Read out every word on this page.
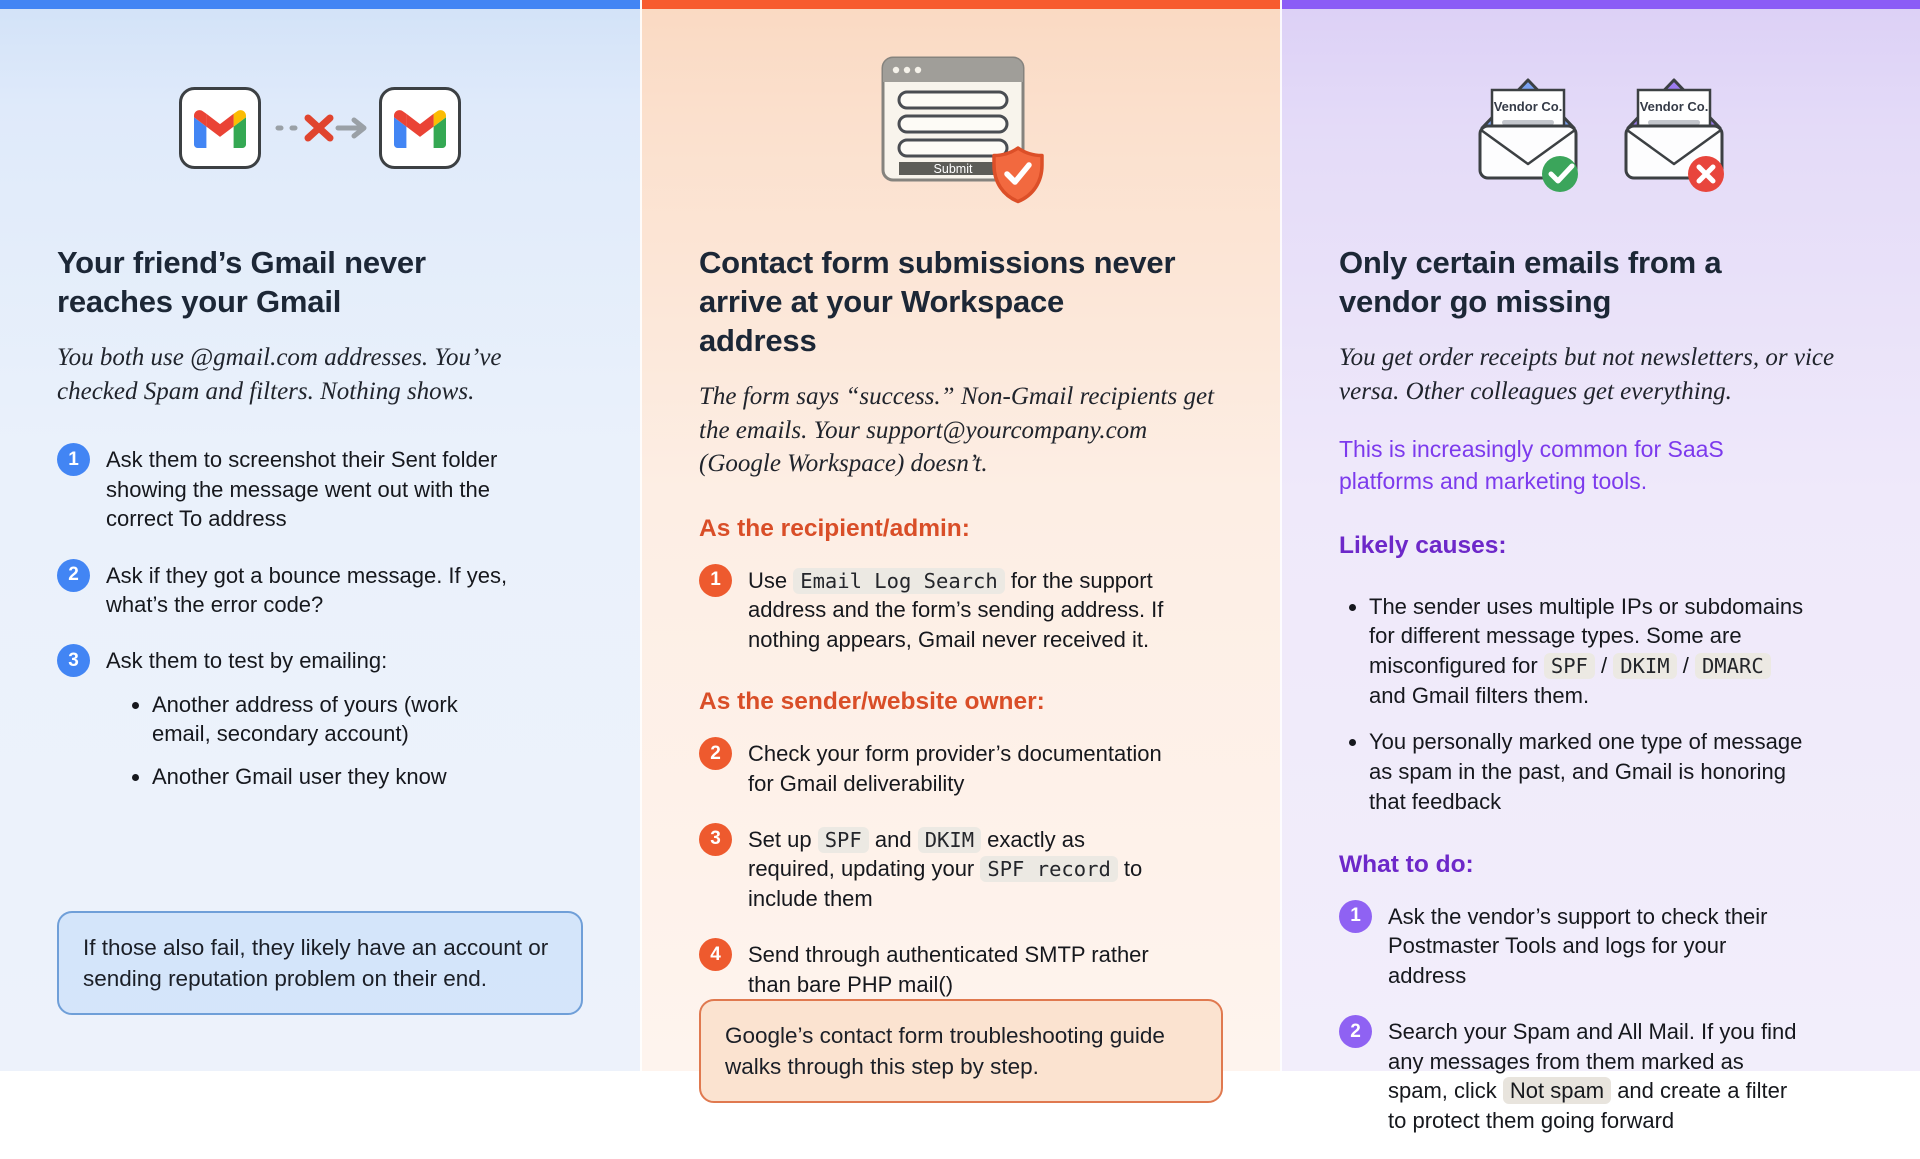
Your friend’s Gmail never reaches your Gmail
You both use @gmail.com addresses. You’ve checked Spam and filters. Nothing shows.
1	Ask them to screenshot their Sent folder showing the message went out with the correct To address
2	Ask if they got a bounce message. If yes, what’s the error code?
3	Ask them to test by emailing:
• Another address of yours (work email, secondary account)
• Another Gmail user they know
If those also fail, they likely have an account or sending reputation problem on their end.
Submit
Contact form submissions never arrive at your Workspace address
The form says “success.” Non-Gmail recipients get the emails. Your support@yourcompany.com (Google Workspace) doesn’t.
As the recipient/admin:
1	Use Email Log Search for the support address and the form’s sending address. If nothing appears, Gmail never received it.
As the sender/website owner:
2	Check your form provider’s documentation for Gmail deliverability
3	Set up SPF and DKIM exactly as required, updating your SPF record to include them
4	Send through authenticated SMTP rather than bare PHP mail()
Google’s contact form troubleshooting guide walks through this step by step.
Vendor Co.	Vendor Co.
Only certain emails from a vendor go missing
You get order receipts but not newsletters, or vice versa. Other colleagues get everything.
This is increasingly common for SaaS platforms and marketing tools.
Likely causes:
• The sender uses multiple IPs or subdomains for different message types. Some are misconfigured for SPF / DKIM / DMARC and Gmail filters them.
• You personally marked one type of message as spam in the past, and Gmail is honoring that feedback
What to do:
1	Ask the vendor’s support to check their Postmaster Tools and logs for your address
2	Search your Spam and All Mail. If you find any messages from them marked as spam, click Not spam and create a filter to protect them going forward
